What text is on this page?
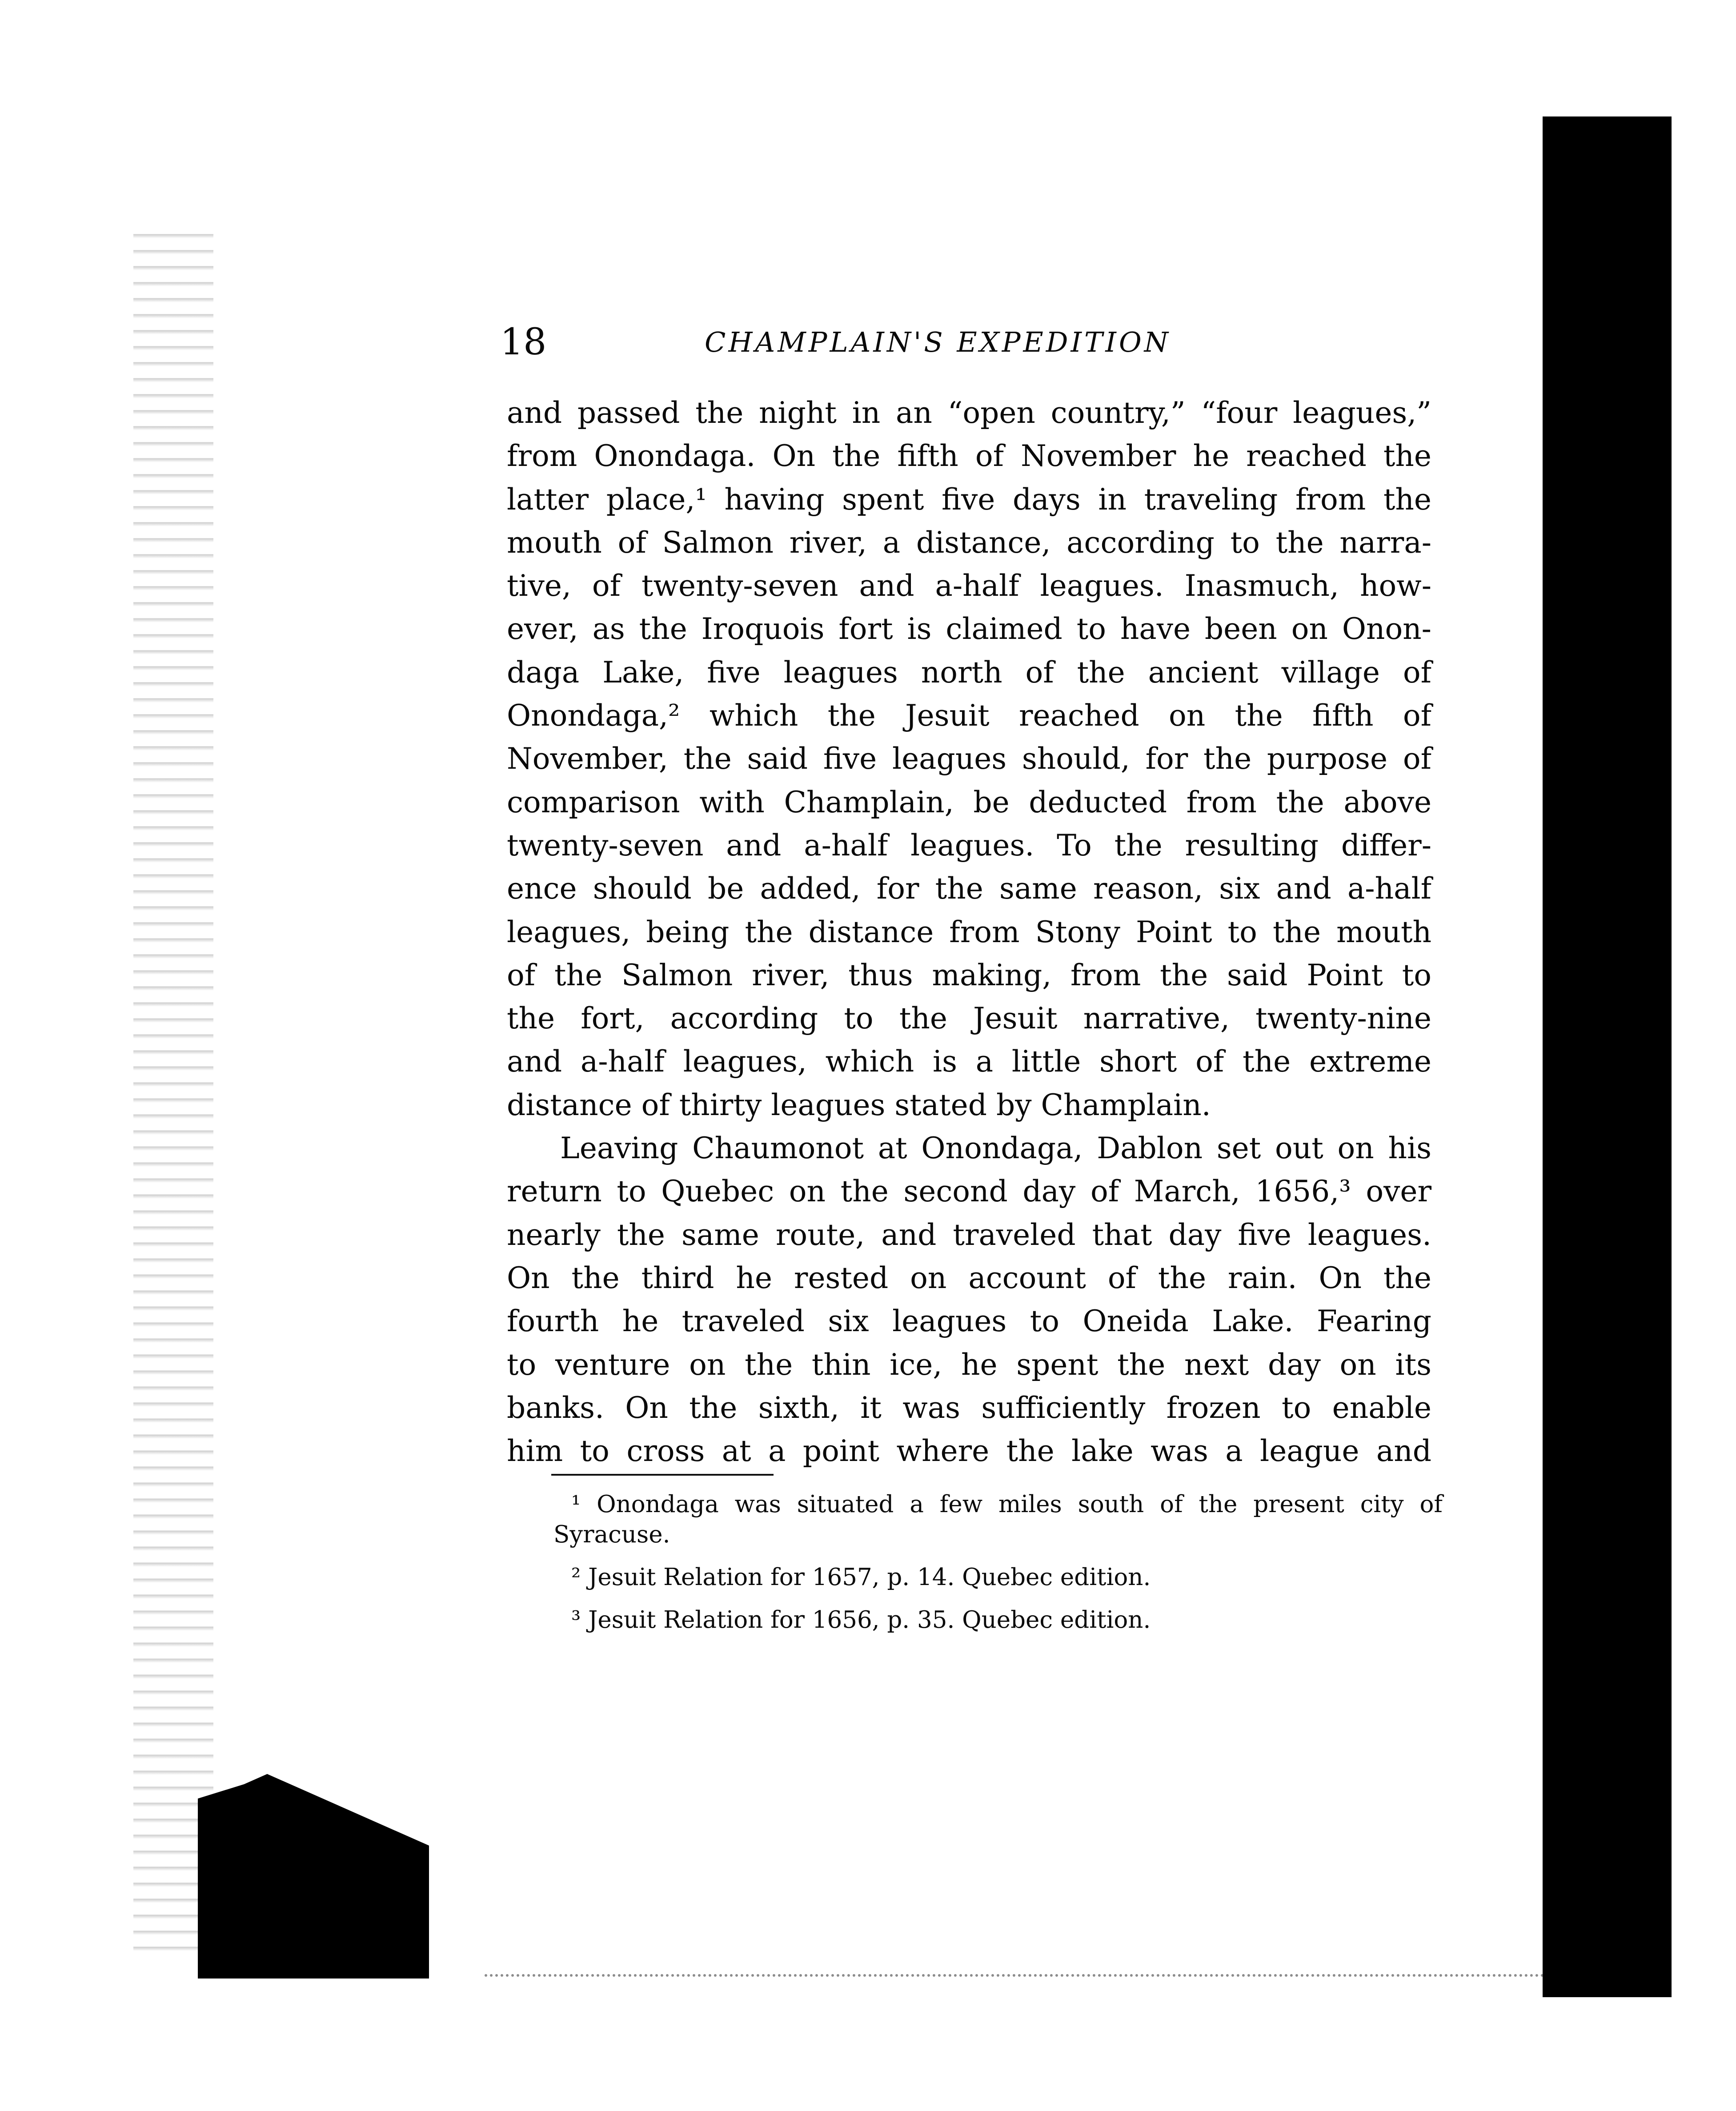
18	CHAMPLAIN'S EXPEDITION

and passed the night in an “open country,” “four leagues,”
from Onondaga. On the fifth of November he reached the
latter place,¹ having spent five days in traveling from the
mouth of Salmon river, a distance, according to the narra-
tive, of twenty-seven and a-half leagues. Inasmuch, how-
ever, as the Iroquois fort is claimed to have been on Onon-
daga Lake, five leagues north of the ancient village of
Onondaga,² which the Jesuit reached on the fifth of
November, the said five leagues should, for the purpose of
comparison with Champlain, be deducted from the above
twenty-seven and a-half leagues. To the resulting differ-
ence should be added, for the same reason, six and a-half
leagues, being the distance from Stony Point to the mouth
of the Salmon river, thus making, from the said Point to
the fort, according to the Jesuit narrative, twenty-nine
and a-half leagues, which is a little short of the extreme
distance of thirty leagues stated by Champlain.

Leaving Chaumonot at Onondaga, Dablon set out on his
return to Quebec on the second day of March, 1656,³ over
nearly the same route, and traveled that day five leagues.
On the third he rested on account of the rain. On the
fourth he traveled six leagues to Oneida Lake. Fearing
to venture on the thin ice, he spent the next day on its
banks. On the sixth, it was sufficiently frozen to enable
him to cross at a point where the lake was a league and

¹ Onondaga was situated a few miles south of the present city of
Syracuse.

² Jesuit Relation for 1657, p. 14. Quebec edition.

³ Jesuit Relation for 1656, p. 35. Quebec edition.
